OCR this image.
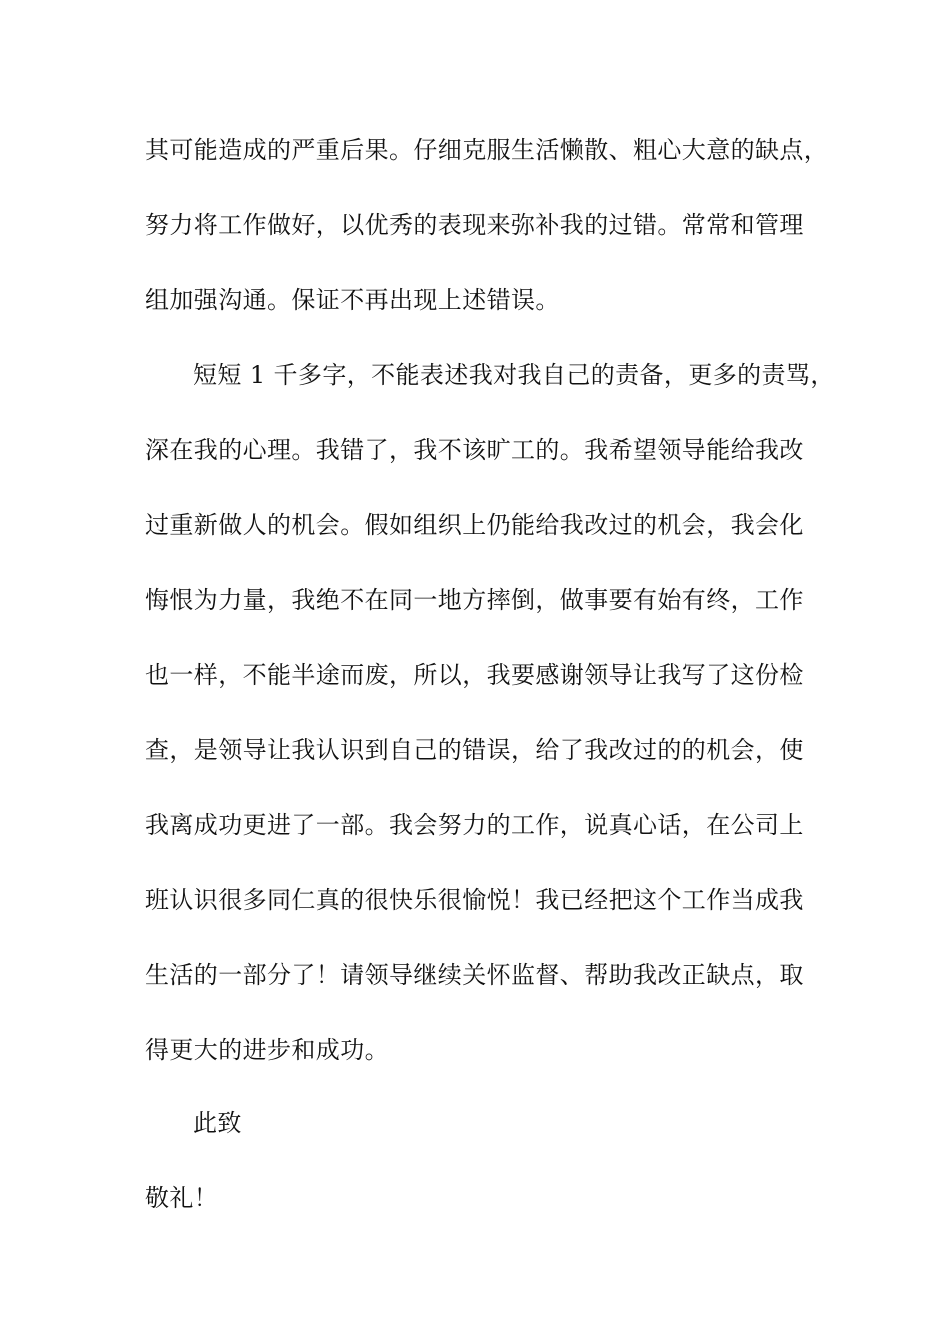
其可能造成的严重后果。仔细克服生活懒散、粗心大意的缺点，
努力将工作做好，以优秀的表现来弥补我的过错。常常和管理
组加强沟通。保证不再出现上述错误。
短短 1 千多字，不能表述我对我自己的责备，更多的责骂，
深在我的心理。我错了，我不该旷工的。我希望领导能给我改
过重新做人的机会。假如组织上仍能给我改过的机会，我会化
悔恨为力量，我绝不在同一地方摔倒，做事要有始有终，工作
也一样，不能半途而废，所以，我要感谢领导让我写了这份检
查，是领导让我认识到自己的错误，给了我改过的的机会，使
我离成功更进了一部。我会努力的工作，说真心话，在公司上
班认识很多同仁真的很快乐很愉悦！我已经把这个工作当成我
生活的一部分了！请领导继续关怀监督、帮助我改正缺点，取
得更大的进步和成功。
此致
敬礼！
